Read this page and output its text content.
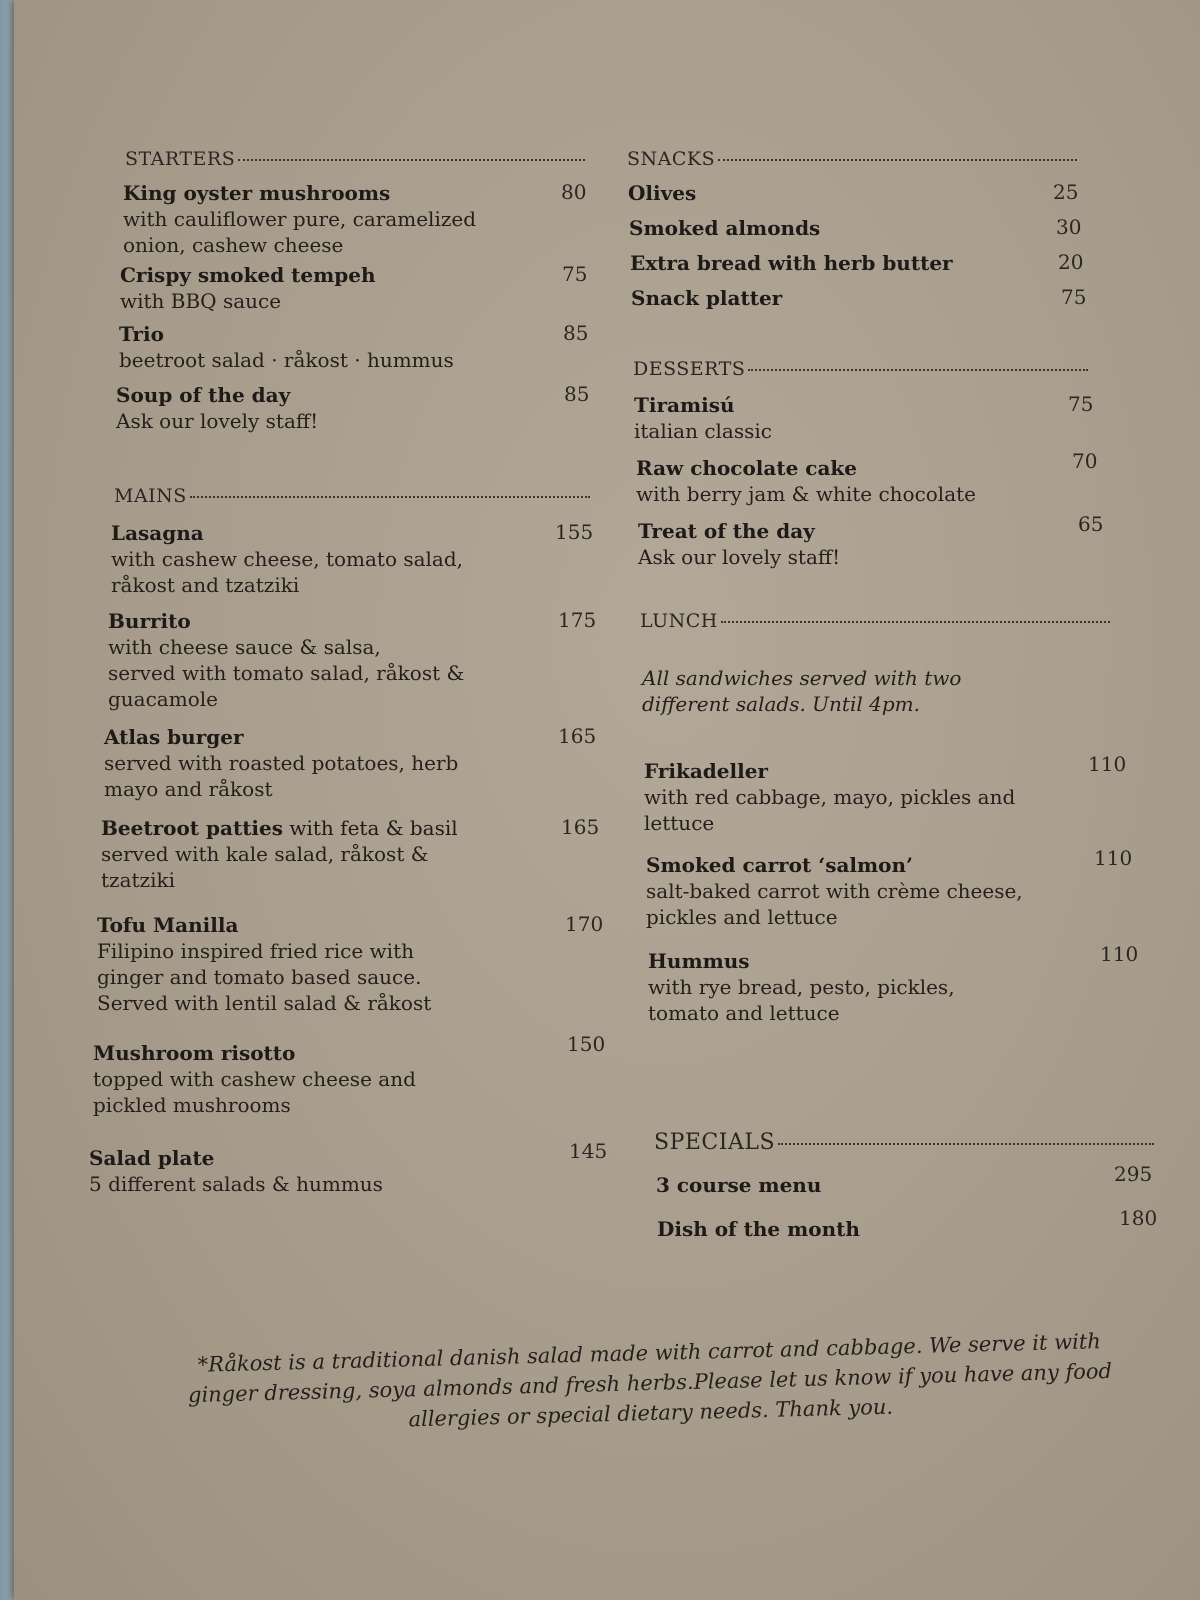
STARTERS
King oyster mushrooms
with cauliflower pure, caramelized
onion, cashew cheese
80
Crispy smoked tempeh
with BBQ sauce
75
Trio
beetroot salad · råkost · hummus
85
Soup of the day
Ask our lovely staff!
85
MAINS
Lasagna
with cashew cheese, tomato salad,
råkost and tzatziki
155
Burrito
with cheese sauce & salsa,
served with tomato salad, råkost &
guacamole
175
Atlas burger
served with roasted potatoes, herb
mayo and råkost
165
Beetroot patties with feta & basil
served with kale salad, råkost &
tzatziki
165
Tofu Manilla
Filipino inspired fried rice with
ginger and tomato based sauce.
Served with lentil salad & råkost
170
Mushroom risotto
topped with cashew cheese and
pickled mushrooms
150
Salad plate
5 different salads & hummus
145
SNACKS
Olives	25
Smoked almonds	30
Extra bread with herb butter	20
Snack platter	75
DESSERTS
Tiramisú
italian classic
75
Raw chocolate cake
with berry jam & white chocolate
70
Treat of the day
Ask our lovely staff!
65
LUNCH
All sandwiches served with two
different salads. Until 4pm.
Frikadeller
with red cabbage, mayo, pickles and
lettuce
110
Smoked carrot ‘salmon’
salt-baked carrot with crème cheese,
pickles and lettuce
110
Hummus
with rye bread, pesto, pickles,
tomato and lettuce
110
SPECIALS
3 course menu	295
Dish of the month	180
*Råkost is a traditional danish salad made with carrot and cabbage. We serve it with ginger dressing, soya almonds and fresh herbs.Please let us know if you have any food allergies or special dietary needs. Thank you.
